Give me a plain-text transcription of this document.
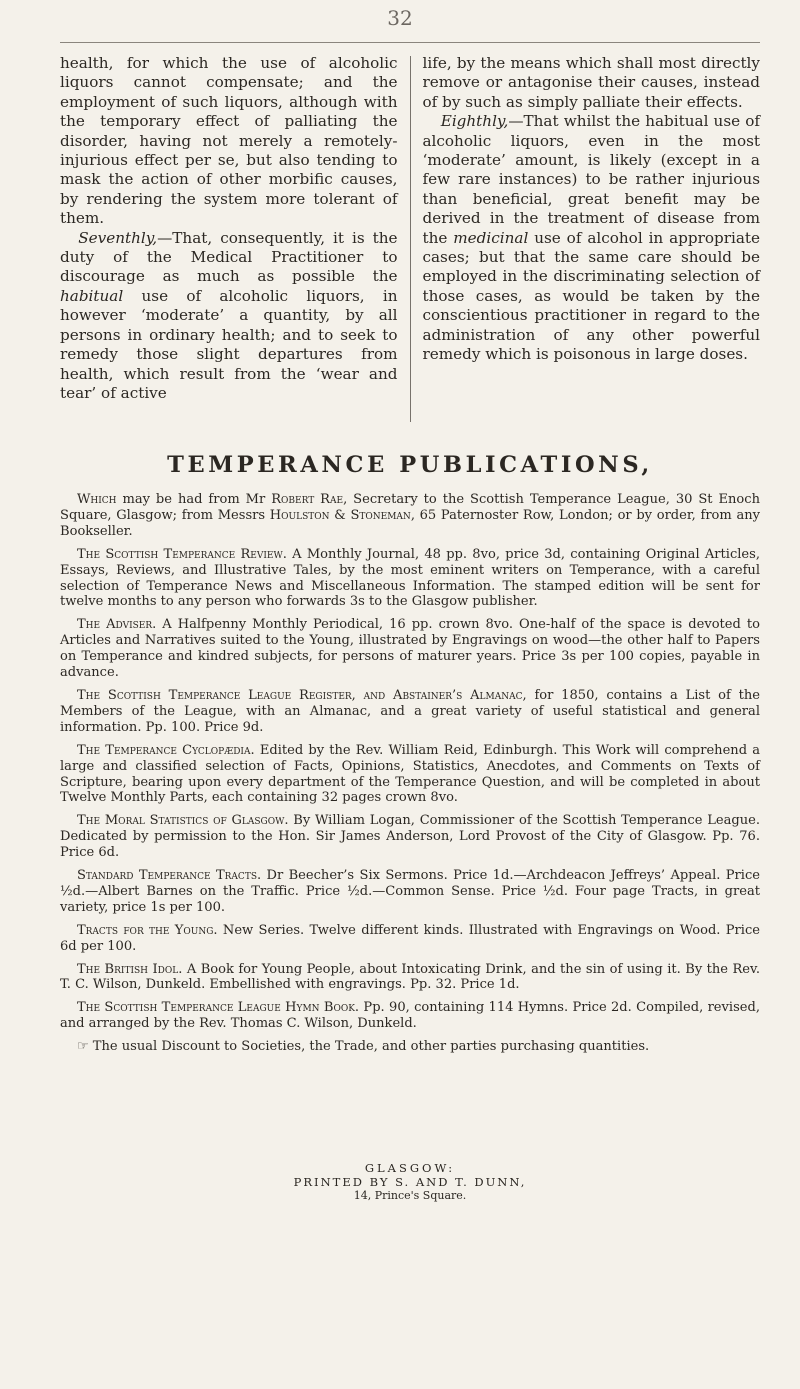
32

health, for which the use of alcoholic liquors cannot compensate; and the employment of such liquors, although with the temporary effect of palliating the disorder, having not merely a remotely-injurious effect per se, but also tending to mask the action of other morbific causes, by rendering the system more tolerant of them.

Seventhly,—That, consequently, it is the duty of the Medical Practitioner to discourage as much as possible the habitual use of alcoholic liquors, in however ‘moderate’ a quantity, by all persons in ordinary health; and to seek to remedy those slight departures from health, which result from the ‘wear and tear’ of active

life, by the means which shall most directly remove or antagonise their causes, instead of by such as simply palliate their effects.

Eighthly,—That whilst the habitual use of alcoholic liquors, even in the most ‘moderate’ amount, is likely (except in a few rare instances) to be rather injurious than beneficial, great benefit may be derived in the treatment of disease from the medicinal use of alcohol in appropriate cases; but that the same care should be employed in the discriminating selection of those cases, as would be taken by the conscientious practitioner in regard to the administration of any other powerful remedy which is poisonous in large doses.

TEMPERANCE PUBLICATIONS,

Which may be had from Mr Robert Rae, Secretary to the Scottish Temperance League, 30 St Enoch Square, Glasgow; from Messrs Houlston & Stoneman, 65 Paternoster Row, London; or by order, from any Bookseller.

The Scottish Temperance Review. A Monthly Journal, 48 pp. 8vo, price 3d, containing Original Articles, Essays, Reviews, and Illustrative Tales, by the most eminent writers on Temperance, with a careful selection of Temperance News and Miscellaneous Information. The stamped edition will be sent for twelve months to any person who forwards 3s to the Glasgow publisher.

The Adviser. A Halfpenny Monthly Periodical, 16 pp. crown 8vo. One-half of the space is devoted to Articles and Narratives suited to the Young, illustrated by Engravings on wood—the other half to Papers on Temperance and kindred subjects, for persons of maturer years. Price 3s per 100 copies, payable in advance.

The Scottish Temperance League Register, and Abstainer’s Almanac, for 1850, contains a List of the Members of the League, with an Almanac, and a great variety of useful statistical and general information. Pp. 100. Price 9d.

The Temperance Cyclopædia. Edited by the Rev. William Reid, Edinburgh. This Work will comprehend a large and classified selection of Facts, Opinions, Statistics, Anecdotes, and Comments on Texts of Scripture, bearing upon every department of the Temperance Question, and will be completed in about Twelve Monthly Parts, each containing 32 pages crown 8vo.

The Moral Statistics of Glasgow. By William Logan, Commissioner of the Scottish Temperance League. Dedicated by permission to the Hon. Sir James Anderson, Lord Provost of the City of Glasgow. Pp. 76. Price 6d.

Standard Temperance Tracts. Dr Beecher’s Six Sermons. Price 1d.—Archdeacon Jeffreys’ Appeal. Price ½d.—Albert Barnes on the Traffic. Price ½d.—Common Sense. Price ½d. Four page Tracts, in great variety, price 1s per 100.

Tracts for the Young. New Series. Twelve different kinds. Illustrated with Engravings on Wood. Price 6d per 100.

The British Idol. A Book for Young People, about Intoxicating Drink, and the sin of using it. By the Rev. T. C. Wilson, Dunkeld. Embellished with engravings. Pp. 32. Price 1d.

The Scottish Temperance League Hymn Book. Pp. 90, containing 114 Hymns. Price 2d. Compiled, revised, and arranged by the Rev. Thomas C. Wilson, Dunkeld.

☞ The usual Discount to Societies, the Trade, and other parties purchasing quantities.

GLASGOW:
PRINTED BY S. AND T. DUNN,
14, Prince's Square.
